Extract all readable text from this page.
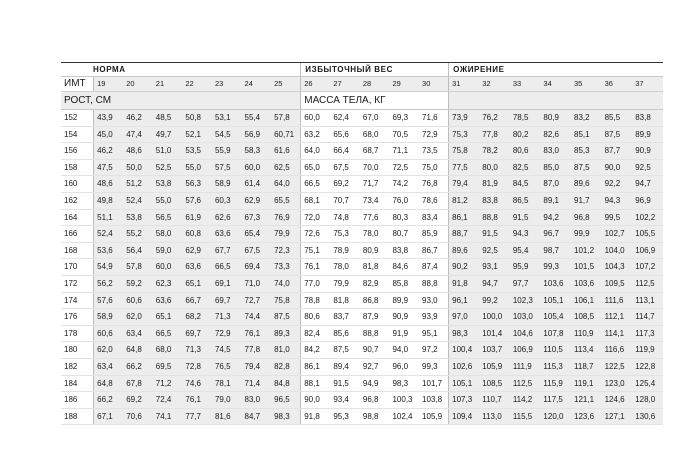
НОРМА								ИЗБЫТОЧНЫЙ ВЕС					ОЖИРЕНИЕ						
ИМТ	19	20	21	22	23	24	25	26	27	28	29	30	31	32	33	34	35	36	37
РОСТ, СМ								МАССА ТЕЛА, КГ											
152	43,9	46,2	48,5	50,8	53,1	55,4	57,8	60,0	62,4	67,0	69,3	71,6	73,9	76,2	78,5	80,9	83,2	85,5	83,8
154	45,0	47,4	49,7	52,1	54,5	56,9	60,71	63,2	65,6	68,0	70,5	72,9	75,3	77,8	80,2	82,6	85,1	87,5	89,9
156	46,2	48,6	51,0	53,5	55,9	58,3	61,6	64,0	66,4	68,7	71,1	73,5	75,8	78,2	80,6	83,0	85,3	87,7	90,9
158	47,5	50,0	52,5	55,0	57,5	60,0	62,5	65,0	67,5	70,0	72,5	75,0	77,5	80,0	82,5	85,0	87,5	90,0	92,5
160	48,6	51,2	53,8	56,3	58,9	61,4	64,0	66,5	69,2	71,7	74,2	76,8	79,4	81,9	84,5	87,0	89,6	92,2	94,7
162	49,8	52,4	55,0	57,6	60,3	62,9	65,5	68,1	70,7	73,4	76,0	78,6	81,2	83,8	86,5	89,1	91,7	94,3	96,9
164	51,1	53,8	56,5	61,9	62,6	67,3	76,9	72,0	74,8	77,6	80,3	83,4	86,1	88,8	91,5	94,2	96,8	99,5	102,2
166	52,4	55,2	58,0	60,8	63,6	65,4	79,9	72,6	75,3	78,0	80,7	85,9	88,7	91,5	94,3	96,7	99,9	102,7	105,5
168	53,6	56,4	59,0	62,9	67,7	67,5	72,3	75,1	78,9	80,9	83,8	86,7	89,6	92,5	95,4	98,7	101,2	104,0	106,9
170	54,9	57,8	60,0	63,6	66,5	69,4	73,3	76,1	78,0	81,8	84,6	87,4	90,2	93,1	95,9	99,3	101,5	104,3	107,2
172	56,2	59,2	62,3	65,1	69,1	71,0	74,0	77,0	79,9	82,9	85,8	88,8	91,8	94,7	97,7	103,6	103,6	109,5	112,5
174	57,6	60,6	63,6	66,7	69,7	72,7	75,8	78,8	81,8	86,8	89,9	93,0	96,1	99,2	102,3	105,1	106,1	111,6	113,1
176	58,9	62,0	65,1	68,2	71,3	74,4	87,5	80,6	83,7	87,9	90,9	93,9	97,0	100,0	103,0	105,4	108,5	112,1	114,7
178	60,6	63,4	66,5	69,7	72,9	76,1	89,3	82,4	85,6	88,8	91,9	95,1	98,3	101,4	104,6	107,8	110,9	114,1	117,3
180	62,0	64,8	68,0	71,3	74,5	77,8	81,0	84,2	87,5	90,7	94,0	97,2	100,4	103,7	106,9	110,5	113,4	116,6	119,9
182	63,4	66,2	69,5	72,8	76,5	79,4	82,8	86,1	89,4	92,7	96,0	99,3	102,6	105,9	111,9	115,3	118,7	122,5	122,8
184	64,8	67,8	71,2	74,6	78,1	71,4	84,8	88,1	91,5	94,9	98,3	101,7	105,1	108,5	112,5	115,9	119,1	123,0	125,4
186	66,2	69,2	72,4	76,1	79,0	83,0	96,5	90,0	93,4	96,8	100,3	103,8	107,3	110,7	114,2	117,5	121,1	124,6	128,0
188	67,1	70,6	74,1	77,7	81,6	84,7	98,3	91,8	95,3	98,8	102,4	105,9	109,4	113,0	115,5	120,0	123,6	127,1	130,6
